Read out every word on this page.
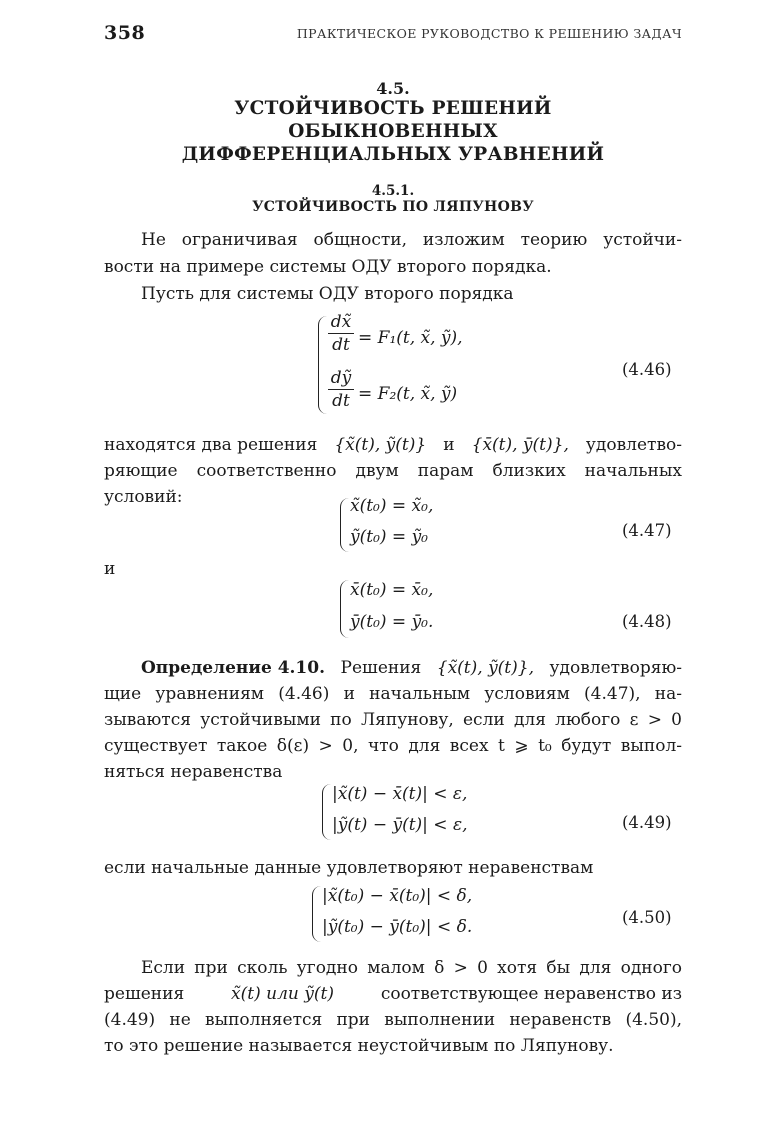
358	ПРАКТИЧЕСКОЕ РУКОВОДСТВО К РЕШЕНИЮ ЗАДАЧ
4.5.
УСТОЙЧИВОСТЬ РЕШЕНИЙ
ОБЫКНОВЕННЫХ
ДИФФЕРЕНЦИАЛЬНЫХ УРАВНЕНИЙ
4.5.1.
УСТОЙЧИВОСТЬ ПО ЛЯПУНОВУ
Не ограничивая общности, изложим теорию устойчи-
вости на примере системы ОДУ второго порядка.
Пусть для системы ОДУ второго порядка
$\frac{dx̃}{dt} = F_1(t$, x̃, ỹ),
$\frac{\text{dỹ}}{dt} = F_2(t$, x̃, ỹ)
(4.46)
находятся два решения {x̃(t), ỹ(t)} и {x̄(t), ȳ(t)}, удовлетво-
ряющие соответственно двум парам близких начальных
условий:	x̃(t₀) = x̃₀,
ỹ(t₀) = ỹ₀	(4.47)
и
x̄(t₀) = x̄₀,
ȳ(t₀) = ȳ₀.	(4.48)
Определение 4.10. Решения {x̃(t), ỹ(t)}, удовлетворяю-
щие уравнениям (4.46) и начальным условиям (4.47), на-
зываются устойчивыми по Ляпунову, если для любого ε > 0
существует такое δ(ε) > 0, что для всех t ⩾ t₀ будут выпол-
няться неравенства
|x̃(t) − x̄(t)| < ε,
|ỹ(t) − ȳ(t)| < ε,	(4.49)
если начальные данные удовлетворяют неравенствам
|x̃(t₀) − x̄(t₀)| < δ,
|ỹ(t₀) − ȳ(t₀)| < δ.	(4.50)
Если при сколь угодно малом δ > 0 хотя бы для одного
решения	x̃(t) или ỹ(t)	соответствующее неравенство из
(4.49) не выполняется при выполнении неравенств (4.50),
то это решение называется неустойчивым по Ляпунову.
